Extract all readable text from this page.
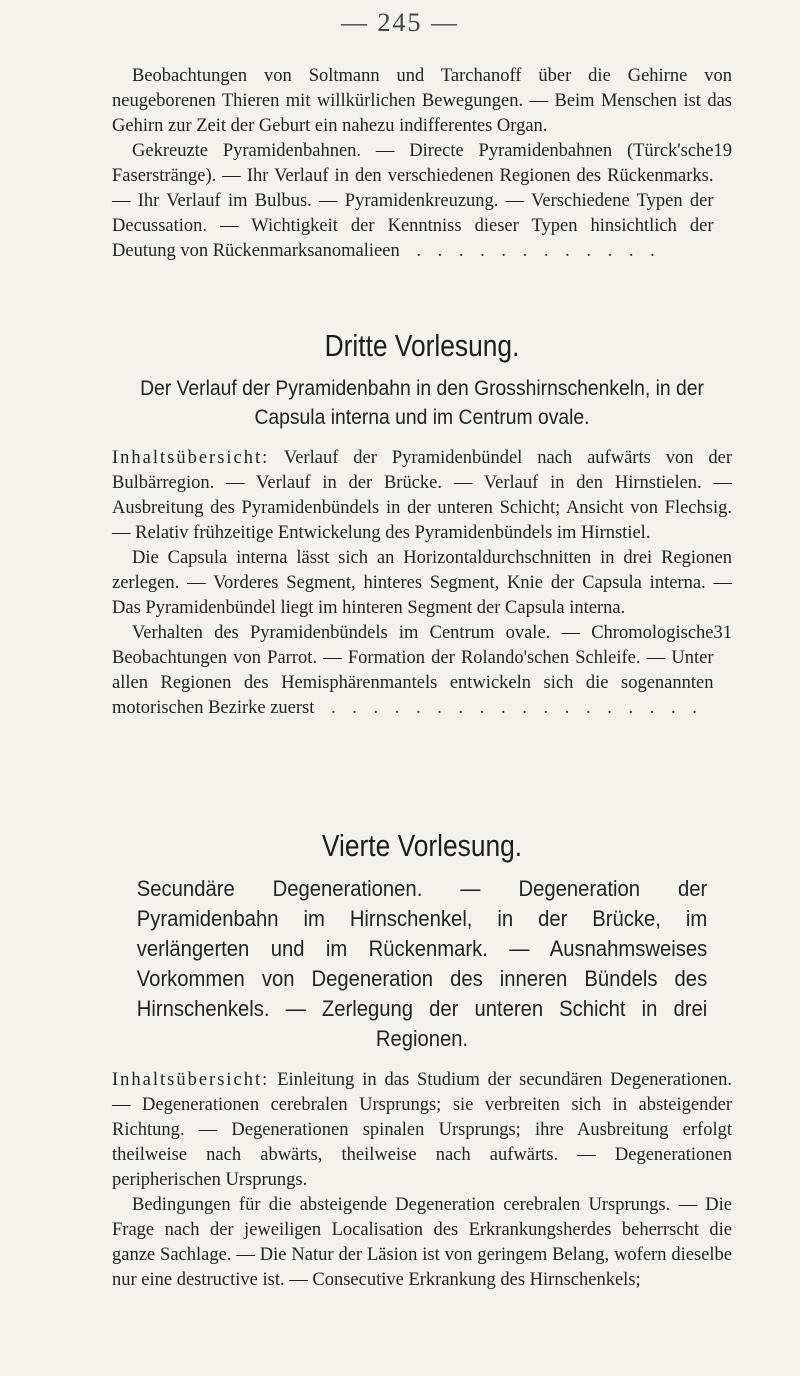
— 245 —

Beobachtungen von Soltmann und Tarchanoff über die Gehirne von neugeborenen Thieren mit willkürlichen Bewegungen. — Beim Menschen ist das Gehirn zur Zeit der Geburt ein nahezu indifferentes Organ.

Gekreuzte Pyramidenbahnen. — Directe Pyramidenbahnen (Türck'sche Faserstränge). — Ihr Verlauf in den verschiedenen Regionen des Rückenmarks. — Ihr Verlauf im Bulbus. — Pyramidenkreuzung. — Verschiedene Typen der Decussation. — Wichtigkeit der Kenntniss dieser Typen hinsichtlich der Deutung von Rückenmarksanomalieen . . . . . . . . . . . .

19
Dritte Vorlesung.

Der Verlauf der Pyramidenbahn in den Grosshirnschenkeln, in der Capsula interna und im Centrum ovale.

Inhaltsübersicht: Verlauf der Pyramidenbündel nach aufwärts von der Bulbärregion. — Verlauf in der Brücke. — Verlauf in den Hirnstielen. — Ausbreitung des Pyramidenbündels in der unteren Schicht; Ansicht von Flechsig. — Relativ frühzeitige Entwickelung des Pyramidenbündels im Hirnstiel.

Die Capsula interna lässt sich an Horizontaldurchschnitten in drei Regionen zerlegen. — Vorderes Segment, hinteres Segment, Knie der Capsula interna. — Das Pyramidenbündel liegt im hinteren Segment der Capsula interna.

Verhalten des Pyramidenbündels im Centrum ovale. — Chromologische Beobachtungen von Parrot. — Formation der Rolando'schen Schleife. — Unter allen Regionen des Hemisphärenmantels entwickeln sich die sogenannten motorischen Bezirke zuerst . . . . . . . . . . . . . . . . . .

31
Vierte Vorlesung.

Secundäre Degenerationen. — Degeneration der Pyramidenbahn im Hirnschenkel, in der Brücke, im verlängerten und im Rückenmark. — Ausnahmsweises Vorkommen von Degeneration des inneren Bündels des Hirnschenkels. — Zerlegung der unteren Schicht in drei Regionen.

Inhaltsübersicht: Einleitung in das Studium der secundären Degenerationen. — Degenerationen cerebralen Ursprungs; sie verbreiten sich in absteigender Richtung. — Degenerationen spinalen Ursprungs; ihre Ausbreitung erfolgt theilweise nach abwärts, theilweise nach aufwärts. — Degenerationen peripherischen Ursprungs.

Bedingungen für die absteigende Degeneration cerebralen Ursprungs. — Die Frage nach der jeweiligen Localisation des Erkrankungsherdes beherrscht die ganze Sachlage. — Die Natur der Läsion ist von geringem Belang, wofern dieselbe nur eine destructive ist. — Consecutive Erkrankung des Hirnschenkels;
